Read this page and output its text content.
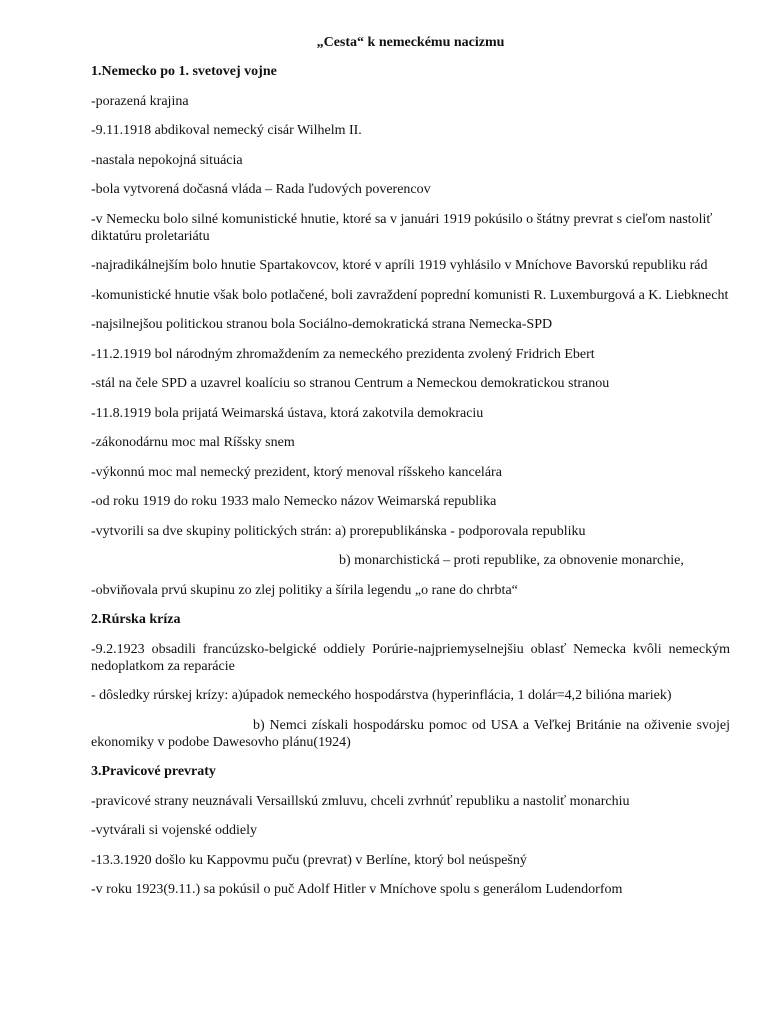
„Cesta“ k nemeckému nacizmu
1.Nemecko po 1. svetovej vojne
-porazená krajina
-9.11.1918 abdikoval nemecký cisár Wilhelm II.
-nastala nepokojná situácia
-bola vytvorená dočasná vláda – Rada ľudových poverencov
-v Nemecku bolo silné komunistické hnutie, ktoré sa v januári 1919 pokúsilo o štátny prevrat s cieľom nastoliť diktatúru proletariátu
-najradikálnejším bolo hnutie Spartakovcov, ktoré v apríli 1919 vyhlásilo v Mníchove Bavorskú republiku rád
-komunistické hnutie však bolo potlačené, boli zavraždení poprední komunisti R. Luxemburgová a K. Liebknecht
-najsilnejšou politickou stranou bola Sociálno-demokratická strana Nemecka-SPD
-11.2.1919 bol národným zhromaždením za nemeckého prezidenta zvolený Fridrich Ebert
-stál na čele SPD a uzavrel koalíciu so stranou Centrum a Nemeckou demokratickou stranou
-11.8.1919 bola prijatá Weimarská ústava, ktorá zakotvila demokraciu
-zákonodárnu moc mal Ríšsky snem
-výkonnú moc mal nemecký prezident, ktorý menoval ríšskeho kancelára
-od roku 1919 do roku 1933 malo Nemecko názov Weimarská republika
-vytvorili sa dve skupiny politických strán: a) prorepublikánska - podporovala republiku
b) monarchistická – proti republike, za obnovenie monarchie,
-obviňovala prvú skupinu zo zlej politiky a šírila legendu „o rane do chrbta“
2.Rúrska kríza
-9.2.1923 obsadili francúzsko-belgické oddiely Porúrie-najpriemyselnejšiu oblasť Nemecka kvôli nemeckým nedoplatkom za reparácie
- dôsledky rúrskej krízy: a)úpadok nemeckého hospodárstva (hyperinflácia, 1 dolár=4,2 bilióna mariek)
b) Nemci získali hospodársku pomoc od USA a Veľkej Británie na oživenie svojej ekonomiky v podobe Dawesovho plánu(1924)
3.Pravicové prevraty
-pravicové strany neuznávali Versaillskú zmluvu, chceli zvrhnúť republiku a nastoliť monarchiu
-vytvárali si vojenské oddiely
-13.3.1920 došlo ku Kappovmu puču (prevrat) v Berlíne, ktorý bol neúspešný
-v roku 1923(9.11.) sa pokúsil o puč Adolf Hitler v Mníchove spolu s generálom Ludendorfom
